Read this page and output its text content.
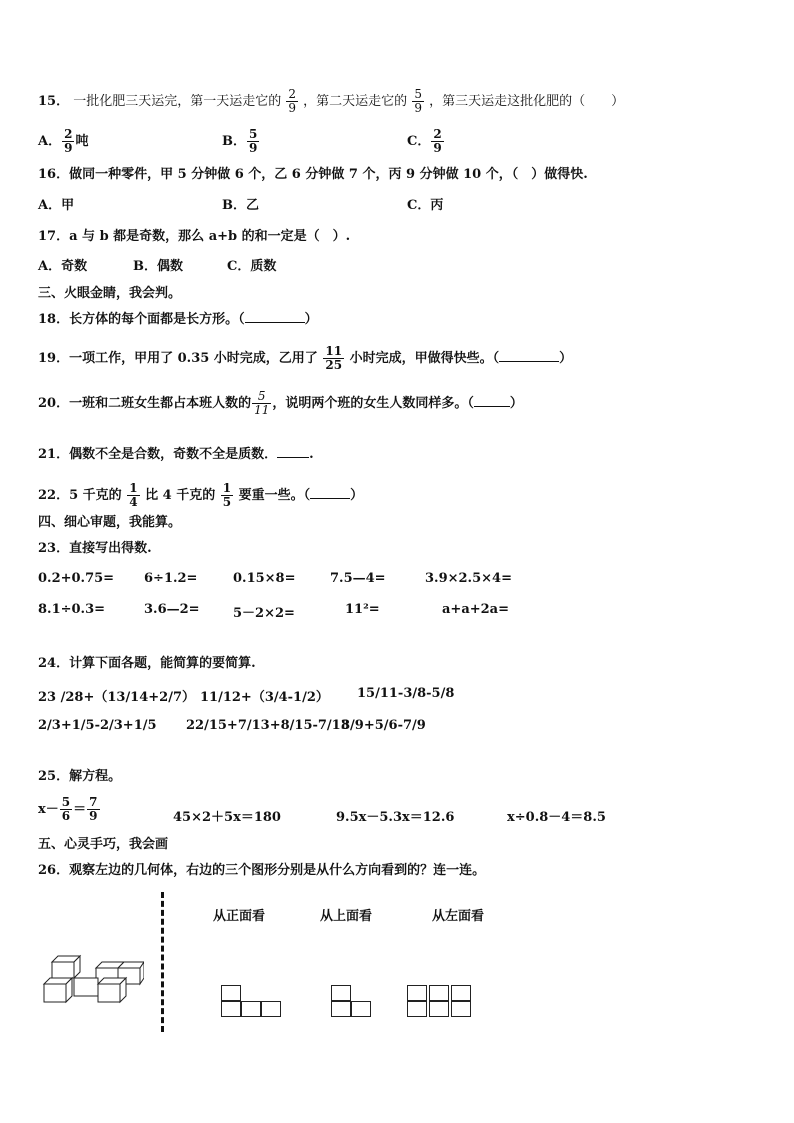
15． 一批化肥三天运完，第一天运走它的 $\frac{2}{9}$ ，第二天运走它的 $\frac{5}{9}$ ，第三天运走这批化肥的（　　）
A． $\frac{2}{9}$ 吨	B． $\frac{5}{9}$	C． $\frac{2}{9}$
16．做同一种零件，甲 5 分钟做 6 个，乙 6 分钟做 7 个，丙 9 分钟做 10 个，（　）做得快.
A．甲	B．乙	C．丙
17．a 与 b 都是奇数，那么 a+b 的和一定是（　）.
A．奇数	B．偶数	C．质数
三、火眼金睛，我会判。
18．长方体的每个面都是长方形。（	）
19．一项工作，甲用了 0.35 小时完成，乙用了 $\frac{11}{25}$ 小时完成，甲做得快些。（	）
20．一班和二班女生都占本班人数的 $\frac{5}{11}$ ，说明两个班的女生人数同样多。（	）
21．偶数不全是合数，奇数不全是质数． .
22．5 千克的 $\frac{1}{4}$ 比 4 千克的 $\frac{1}{5}$ 要重一些。（	）
四、细心审题，我能算。
23．直接写出得数.
0.2+0.75= 6÷1.2=	0.15×8=	7.5—4=	3.9×2.5×4=
8.1÷0.3=	3.6—2=	5－2×2=	11²=	a+a+2a=
24．计算下面各题，能简算的要简算.
23 /28+（13/14+2/7） 11/12+（3/4-1/2） 15/11-3/8-5/8
2/3+1/5-2/3+1/5 22/15+7/13+8/15-7/13
8/9+5/6-7/9
25．解方程。
$x- \frac{5}{6} = \frac{7}{9}$	45×2＋5x＝180	9.5x－5.3x＝12.6	x÷0.8－4＝8.5
五、心灵手巧，我会画
26．观察左边的几何体，右边的三个图形分别是从什么方向看到的？连一连。
从正面看	从上面看	从左面看
